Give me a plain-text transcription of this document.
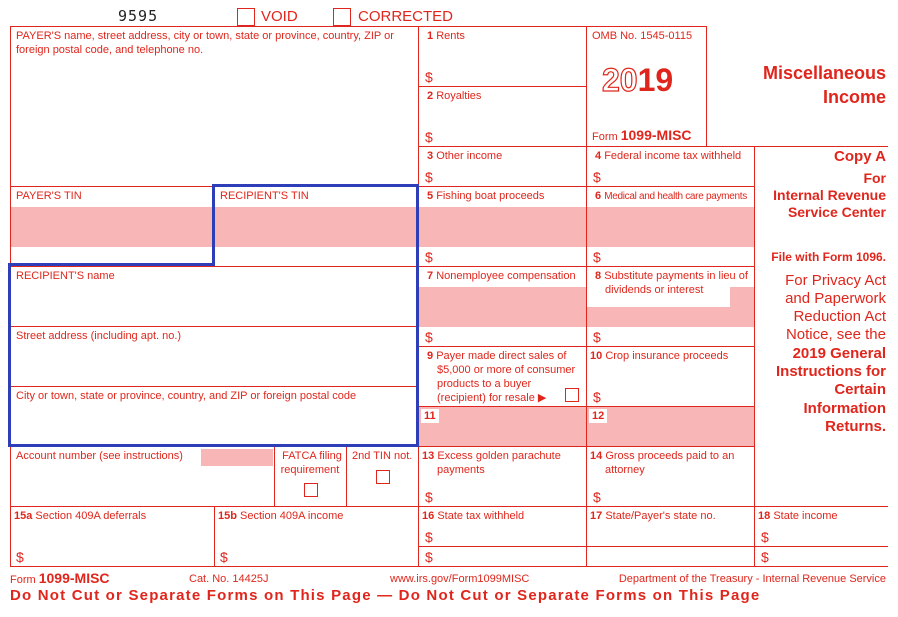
9595	VOID	CORRECTED
PAYER'S name, street address, city or town, state or province, country, ZIP or foreign postal code, and telephone no.
PAYER'S TIN	RECIPIENT'S TIN
RECIPIENT'S name
Street address (including apt. no.)
City or town, state or province, country, and ZIP or foreign postal code
Account number (see instructions)	FATCA filing
requirement
2nd TIN not.
1 Rents
$
2 Royalties
$
3 Other income
$
OMB No. 1545-0115
2019
Form 1099-MISC
4 Federal income tax withheld
$
5 Fishing boat proceeds
$
6 Medical and health care payments
$
7 Nonemployee compensation
$
8 Substitute payments in lieu of
dividends or interest
$
9 Payer made direct sales of
$5,000 or more of consumer
products to a buyer
(recipient) for resale ▶
10 Crop insurance proceeds
$
11	12
13 Excess golden parachute
payments
$
14 Gross proceeds paid to an
attorney
$
15a Section 409A deferrals
$
15b Section 409A income
$
16 State tax withheld
$
$
17 State/Payer's state no.	18 State income
$
$
Miscellaneous
Income
Copy A
For
Internal Revenue
Service Center
File with Form 1096.
For Privacy Act
and Paperwork
Reduction Act
Notice, see the
2019 General
Instructions for
Certain
Information
Returns.
Form 1099-MISC	Cat. No. 14425J	www.irs.gov/Form1099MISC	Department of the Treasury - Internal Revenue Service
Do Not Cut or Separate Forms on This Page — Do Not Cut or Separate Forms on This Page
